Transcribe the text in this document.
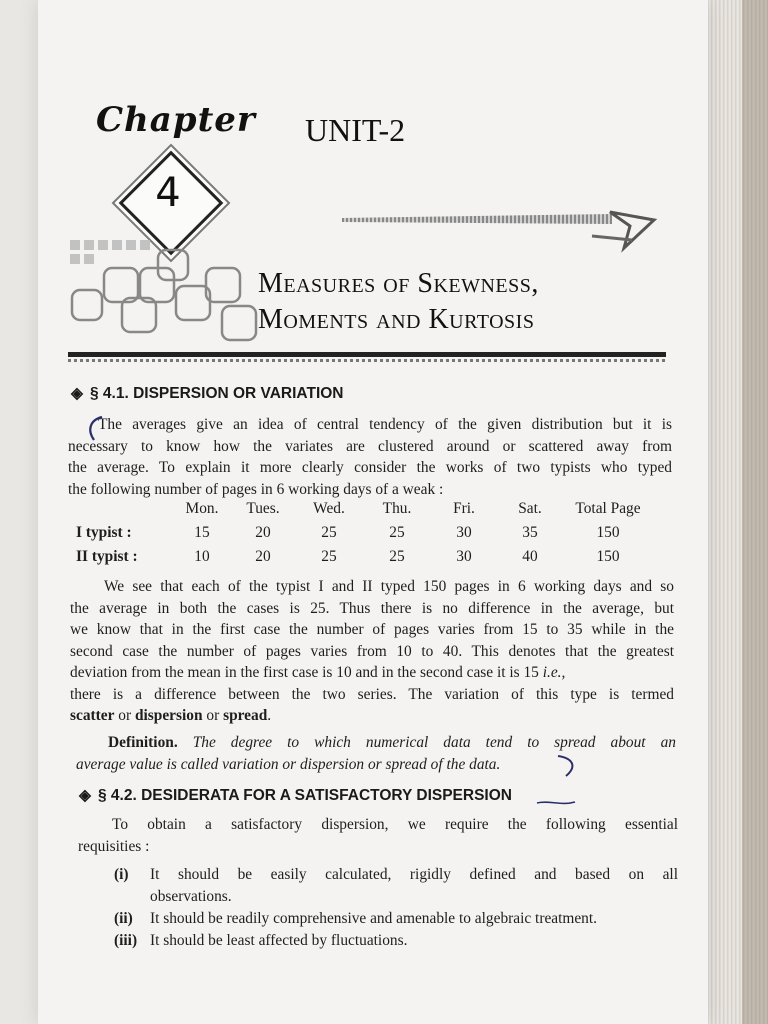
Chapter
4
UNIT-2
Measures of Skewness,
Moments and Kurtosis
◈ § 4.1. DISPERSION OR VARIATION
The averages give an idea of central tendency of the given distribution but it is
necessary to know how the variates are clustered around or scattered away from
the average. To explain it more clearly consider the works of two typists who typed
the following number of pages in 6 working days of a weak :
	Mon.	Tues.	Wed.	Thu.	Fri.	Sat.	Total Page
I typist :	15	20	25	25	30	35	150
II typist :	10	20	25	25	30	40	150
We see that each of the typist I and II typed 150 pages in 6 working days and so
the average in both the cases is 25. Thus there is no difference in the average, but
we know that in the first case the number of pages varies from 15 to 35 while in the
second case the number of pages varies from 10 to 40. This denotes that the greatest
deviation from the mean in the first case is 10 and in the second case it is 15 i.e.,
there is a difference between the two series. The variation of this type is termed
scatter or dispersion or spread.
Definition. The degree to which numerical data tend to spread about an
average value is called variation or dispersion or spread of the data.
◈ § 4.2. DESIDERATA FOR A SATISFACTORY DISPERSION
To obtain a satisfactory dispersion, we require the following essential
requisities :
(i) It should be easily calculated, rigidly defined and based on all
observations.
(ii) It should be readily comprehensive and amenable to algebraic treatment.
(iii) It should be least affected by fluctuations.
